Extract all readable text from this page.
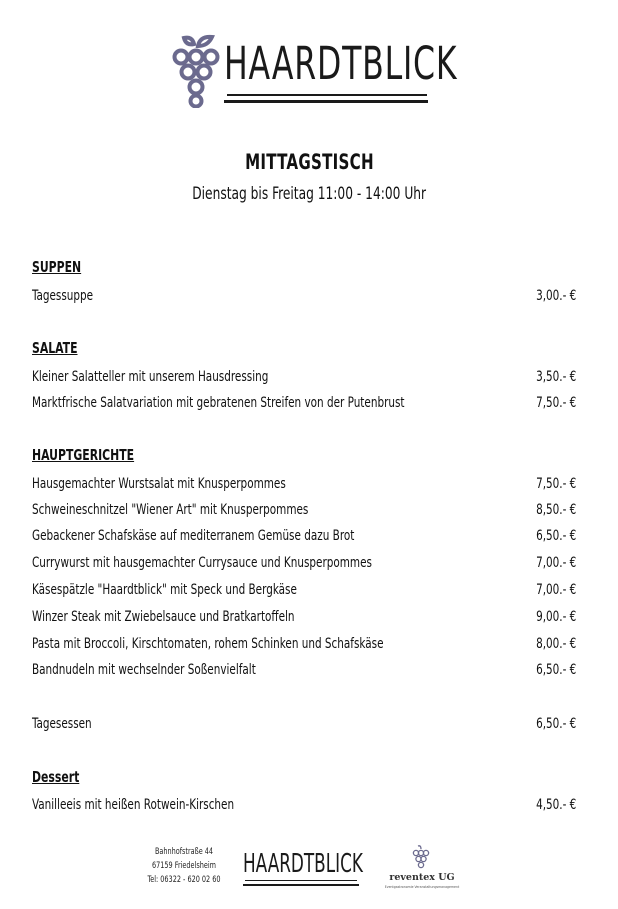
HAARDTBLICK
MITTAGSTISCH
Dienstag bis Freitag 11:00 - 14:00 Uhr
SUPPEN
Tagessuppe	3,00.- €
SALATE
Kleiner Salatteller mit unserem Hausdressing	3,50.- €
Marktfrische Salatvariation mit gebratenen Streifen von der Putenbrust	7,50.- €
HAUPTGERICHTE
Hausgemachter Wurstsalat mit Knusperpommes	7,50.- €
Schweineschnitzel "Wiener Art" mit Knusperpommes	8,50.- €
Gebackener Schafskäse auf mediterranem Gemüse dazu Brot	6,50.- €
Currywurst mit hausgemachter Currysauce und Knusperpommes	7,00.- €
Käsespätzle "Haardtblick" mit Speck und Bergkäse	7,00.- €
Winzer Steak mit Zwiebelsauce und Bratkartoffeln	9,00.- €
Pasta mit Broccoli, Kirschtomaten, rohem Schinken und Schafskäse	8,00.- €
Bandnudeln mit wechselnder Soßenvielfalt	6,50.- €
Tagesessen	6,50.- €
Dessert
Vanilleeis mit heißen Rotwein-Kirschen	4,50.- €
Bahnhofstraße 44
67159 Friedelsheim
Tel: 06322 - 620 02 60
HAARDTBLICK	reventex UG
Eventgastronomie Veranstaltungsmanagement
